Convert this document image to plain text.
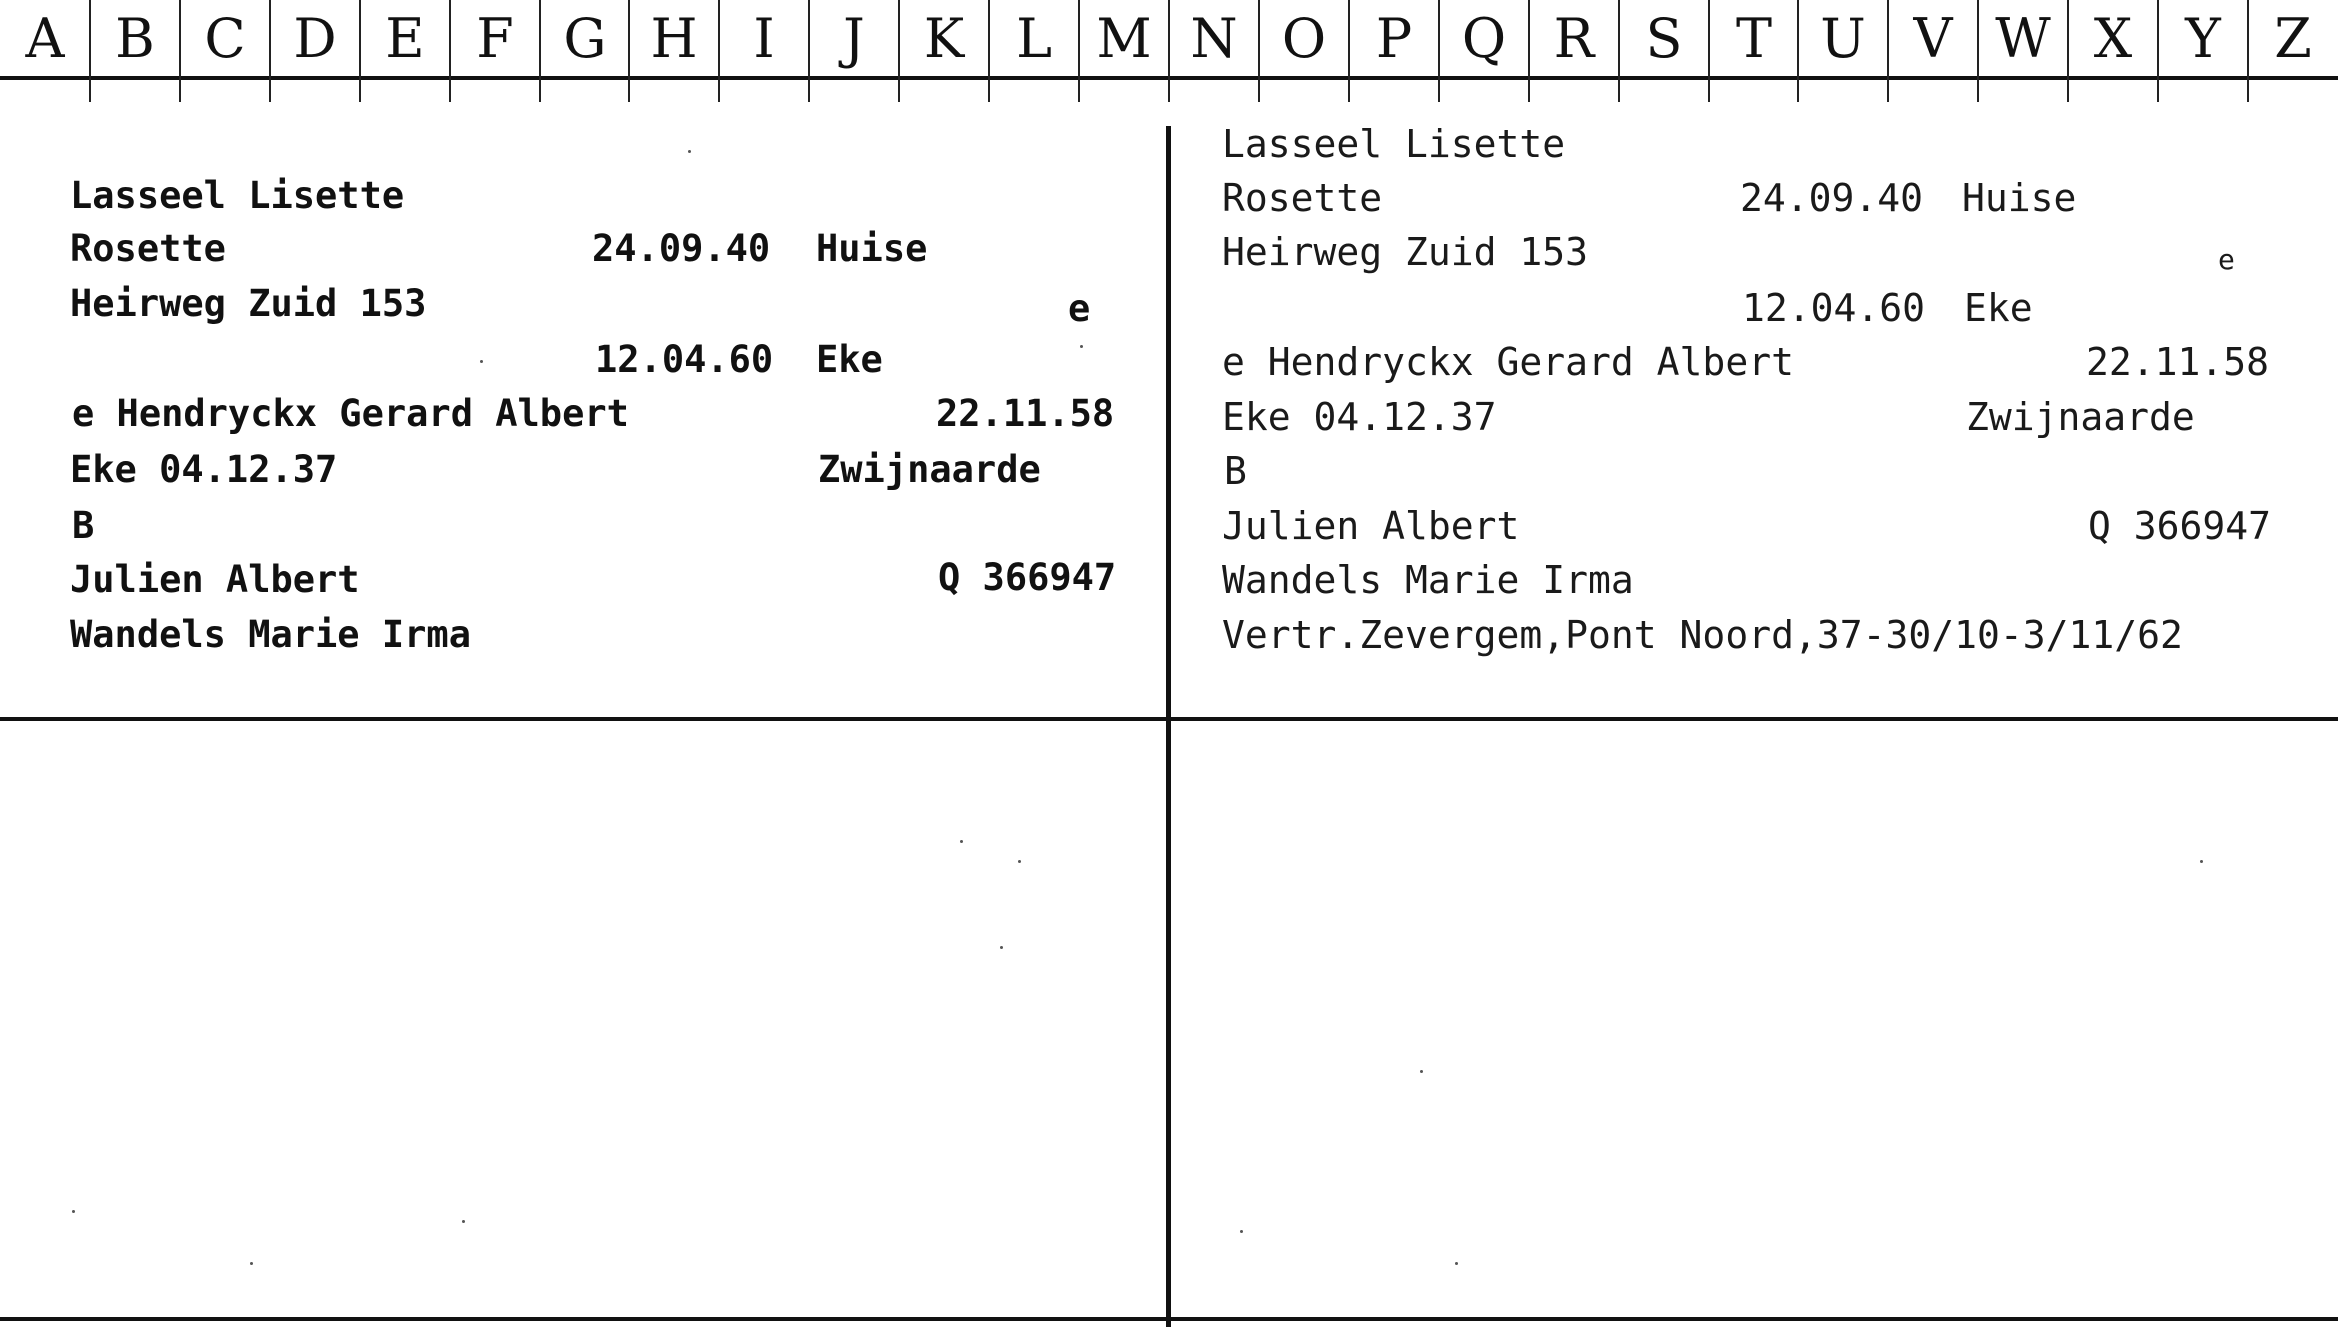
A B C D E F G H	I	J	K L M N O P Q R S T U V W X Y Z
Lasseel Lisette
Rosette	24.09.40 Huise
Heirweg Zuid 153	e
12.04.60 Eke
e Hendryckx Gerard Albert	22.11.58
Eke 04.12.37	Zwijnaarde
B
Julien Albert	Q 366947
Wandels Marie Irma
Lasseel Lisette
Rosette	24.09.40 Huise
Heirweg Zuid 153	e
12.04.60 Eke
e Hendryckx Gerard Albert	22.11.58
Eke 04.12.37	Zwijnaarde
B
Julien Albert	Q 366947
Wandels Marie Irma
Vertr.Zevergem,Pont Noord,37-30/10-3/11/62
